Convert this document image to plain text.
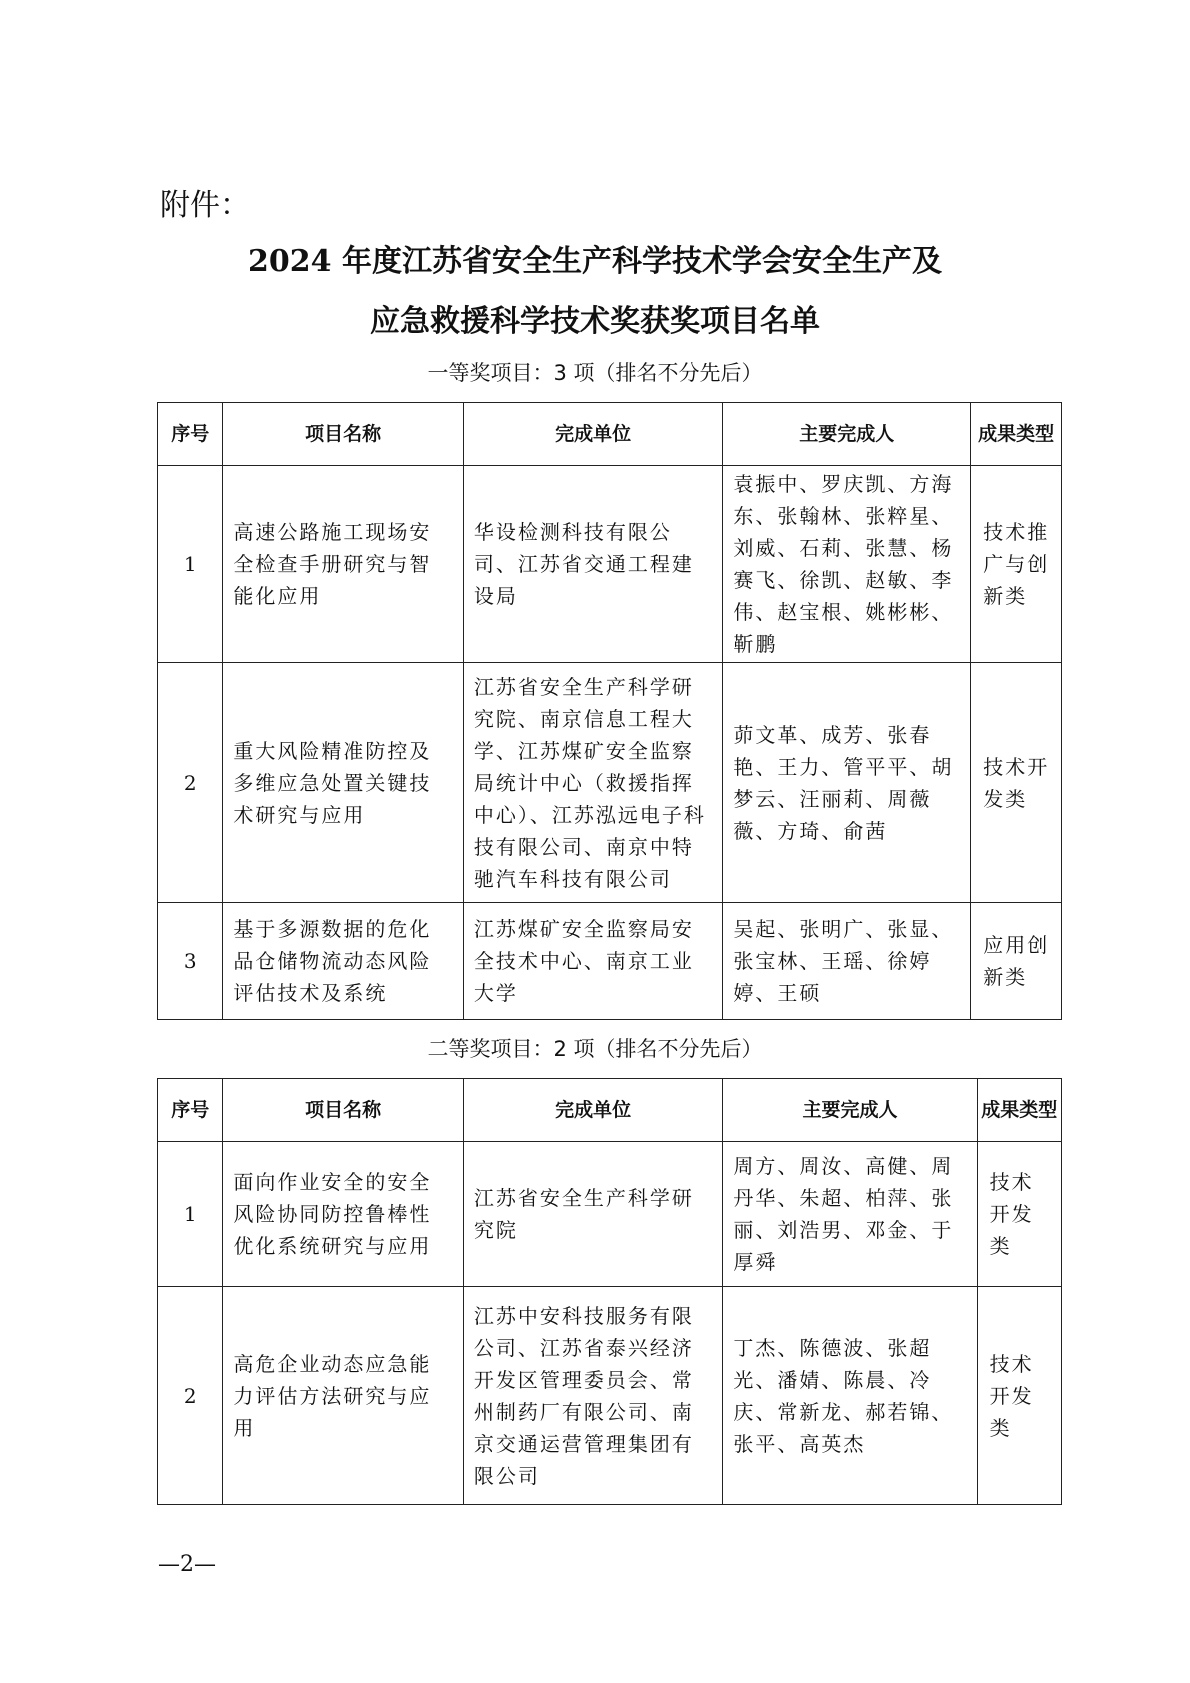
附件：
2024 年度江苏省安全生产科学技术学会安全生产及
应急救援科学技术奖获奖项目名单
一等奖项目：3 项（排名不分先后）
序号	项目名称	完成单位	主要完成人	成果类型
1	高速公路施工现场安全检查手册研究与智能化应用	华设检测科技有限公司、江苏省交通工程建设局	袁振中、罗庆凯、方海东、张翰林、张粹星、刘威、石莉、张慧、杨赛飞、徐凯、赵敏、李伟、赵宝根、姚彬彬、靳鹏	技术推广与创新类
2	重大风险精准防控及多维应急处置关键技术研究与应用	江苏省安全生产科学研究院、南京信息工程大学、江苏煤矿安全监察局统计中心（救援指挥中心）、江苏泓远电子科技有限公司、南京中特驰汽车科技有限公司	茆文革、成芳、张春艳、王力、管平平、胡梦云、汪丽莉、周薇薇、方琦、俞茜	技术开发类
3	基于多源数据的危化品仓储物流动态风险评估技术及系统	江苏煤矿安全监察局安全技术中心、南京工业大学	吴起、张明广、张显、张宝林、王瑶、徐婷婷、王硕	应用创新类
二等奖项目：2 项（排名不分先后）
序号	项目名称	完成单位	主要完成人	成果类型
1	面向作业安全的安全风险协同防控鲁棒性优化系统研究与应用	江苏省安全生产科学研究院	周方、周汝、高健、周丹华、朱超、柏萍、张丽、刘浩男、邓金、于厚舜	技术开发类
2	高危企业动态应急能力评估方法研究与应用	江苏中安科技服务有限公司、江苏省泰兴经济开发区管理委员会、常州制药厂有限公司、南京交通运营管理集团有限公司	丁杰、陈德波、张超光、潘婧、陈晨、冷庆、常新龙、郝若锦、张平、高英杰	技术开发类
—2—
